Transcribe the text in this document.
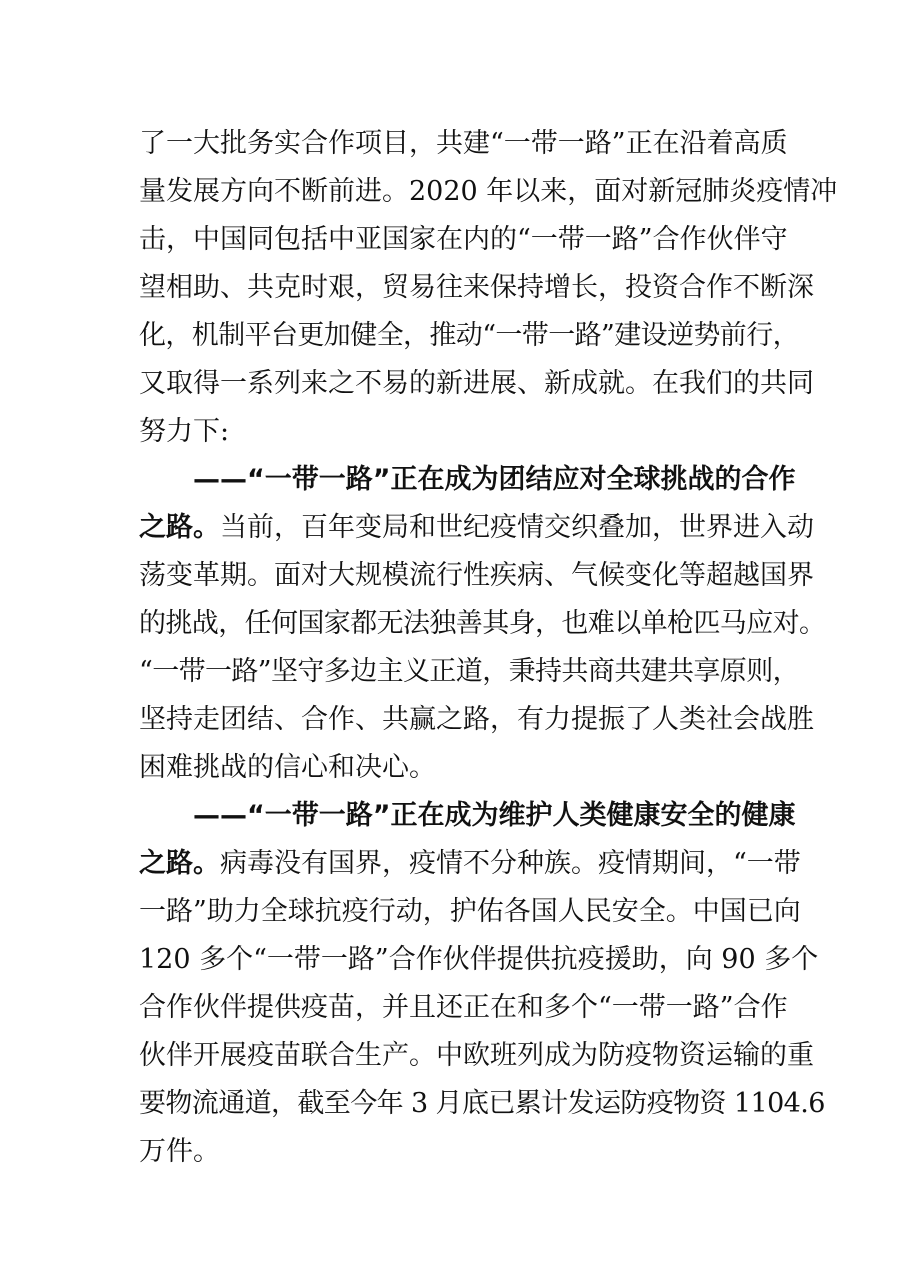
了一大批务实合作项目，共建“一带一路”正在沿着高质
量发展方向不断前进。2020 年以来，面对新冠肺炎疫情冲
击，中国同包括中亚国家在内的“一带一路”合作伙伴守
望相助、共克时艰，贸易往来保持增长，投资合作不断深
化，机制平台更加健全，推动“一带一路”建设逆势前行，
又取得一系列来之不易的新进展、新成就。在我们的共同
努力下:
——“一带一路”正在成为团结应对全球挑战的合作
之路。当前，百年变局和世纪疫情交织叠加，世界进入动
荡变革期。面对大规模流行性疾病、气候变化等超越国界
的挑战，任何国家都无法独善其身，也难以单枪匹马应对。
“一带一路”坚守多边主义正道，秉持共商共建共享原则，
坚持走团结、合作、共赢之路，有力提振了人类社会战胜
困难挑战的信心和决心。
——“一带一路”正在成为维护人类健康安全的健康
之路。病毒没有国界，疫情不分种族。疫情期间，“一带
一路”助力全球抗疫行动，护佑各国人民安全。中国已向
120 多个“一带一路”合作伙伴提供抗疫援助，向 90 多个
合作伙伴提供疫苗，并且还正在和多个“一带一路”合作
伙伴开展疫苗联合生产。中欧班列成为防疫物资运输的重
要物流通道，截至今年 3 月底已累计发运防疫物资 1104.6
万件。
